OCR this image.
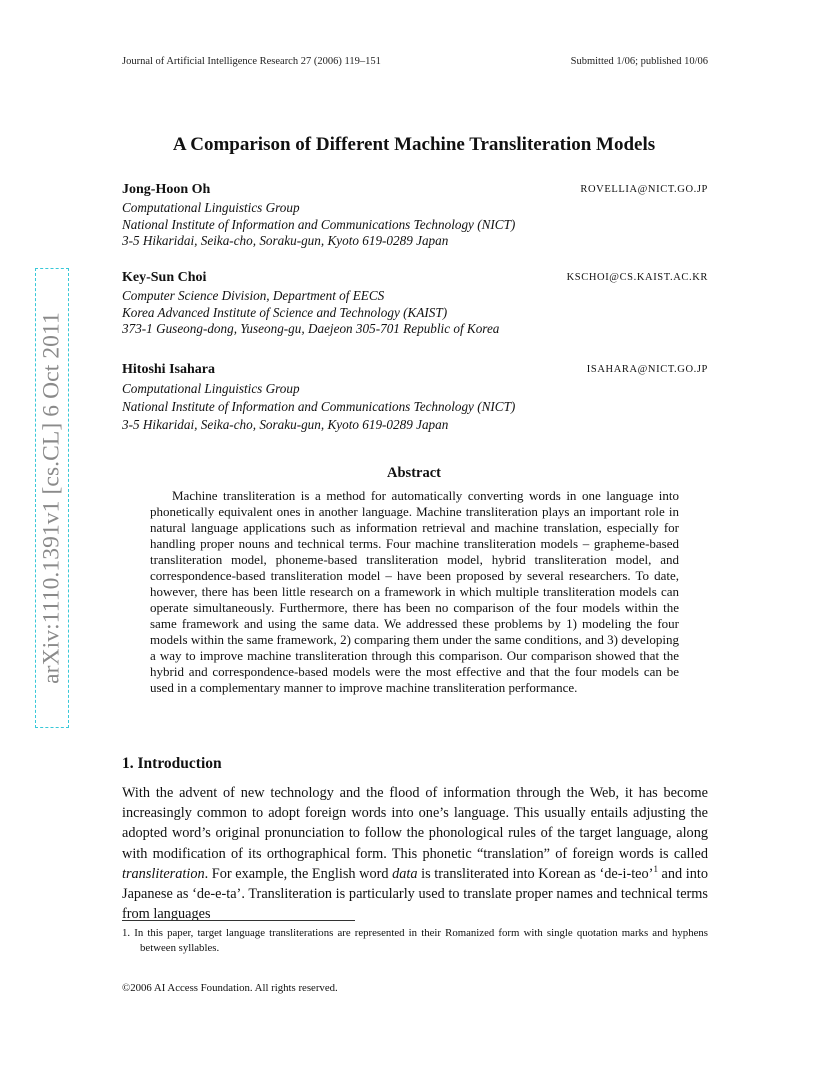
Journal of Artificial Intelligence Research 27 (2006) 119–151	Submitted 1/06; published 10/06
A Comparison of Different Machine Transliteration Models
Jong-Hoon Oh	ROVELLIA@NICT.GO.JP
Computational Linguistics Group
National Institute of Information and Communications Technology (NICT)
3-5 Hikaridai, Seika-cho, Soraku-gun, Kyoto 619-0289 Japan
Key-Sun Choi	KSCHOI@CS.KAIST.AC.KR
Computer Science Division, Department of EECS
Korea Advanced Institute of Science and Technology (KAIST)
373-1 Guseong-dong, Yuseong-gu, Daejeon 305-701 Republic of Korea
Hitoshi Isahara	ISAHARA@NICT.GO.JP
Computational Linguistics Group
National Institute of Information and Communications Technology (NICT)
3-5 Hikaridai, Seika-cho, Soraku-gun, Kyoto 619-0289 Japan
Abstract
Machine transliteration is a method for automatically converting words in one language into phonetically equivalent ones in another language. Machine transliteration plays an important role in natural language applications such as information retrieval and machine translation, especially for handling proper nouns and technical terms. Four machine transliteration models – grapheme-based transliteration model, phoneme-based transliteration model, hybrid transliteration model, and correspondence-based transliteration model – have been proposed by several researchers. To date, however, there has been little research on a framework in which multiple transliteration models can operate simultaneously. Furthermore, there has been no comparison of the four models within the same framework and using the same data. We addressed these problems by 1) modeling the four models within the same framework, 2) comparing them under the same conditions, and 3) developing a way to improve machine transliteration through this comparison. Our comparison showed that the hybrid and correspondence-based models were the most effective and that the four models can be used in a complementary manner to improve machine transliteration performance.
1. Introduction
With the advent of new technology and the flood of information through the Web, it has become increasingly common to adopt foreign words into one’s language. This usually entails adjusting the adopted word’s original pronunciation to follow the phonological rules of the target language, along with modification of its orthographical form. This phonetic “translation” of foreign words is called transliteration. For example, the English word data is transliterated into Korean as ‘de-i-teo’$^1$ and into Japanese as ‘de-e-ta’. Transliteration is particularly used to translate proper names and technical terms from languages
1. In this paper, target language transliterations are represented in their Romanized form with single quotation marks and hyphens between syllables.
©2006 AI Access Foundation. All rights reserved.
arXiv:1110.1391v1 [cs.CL] 6 Oct 2011
